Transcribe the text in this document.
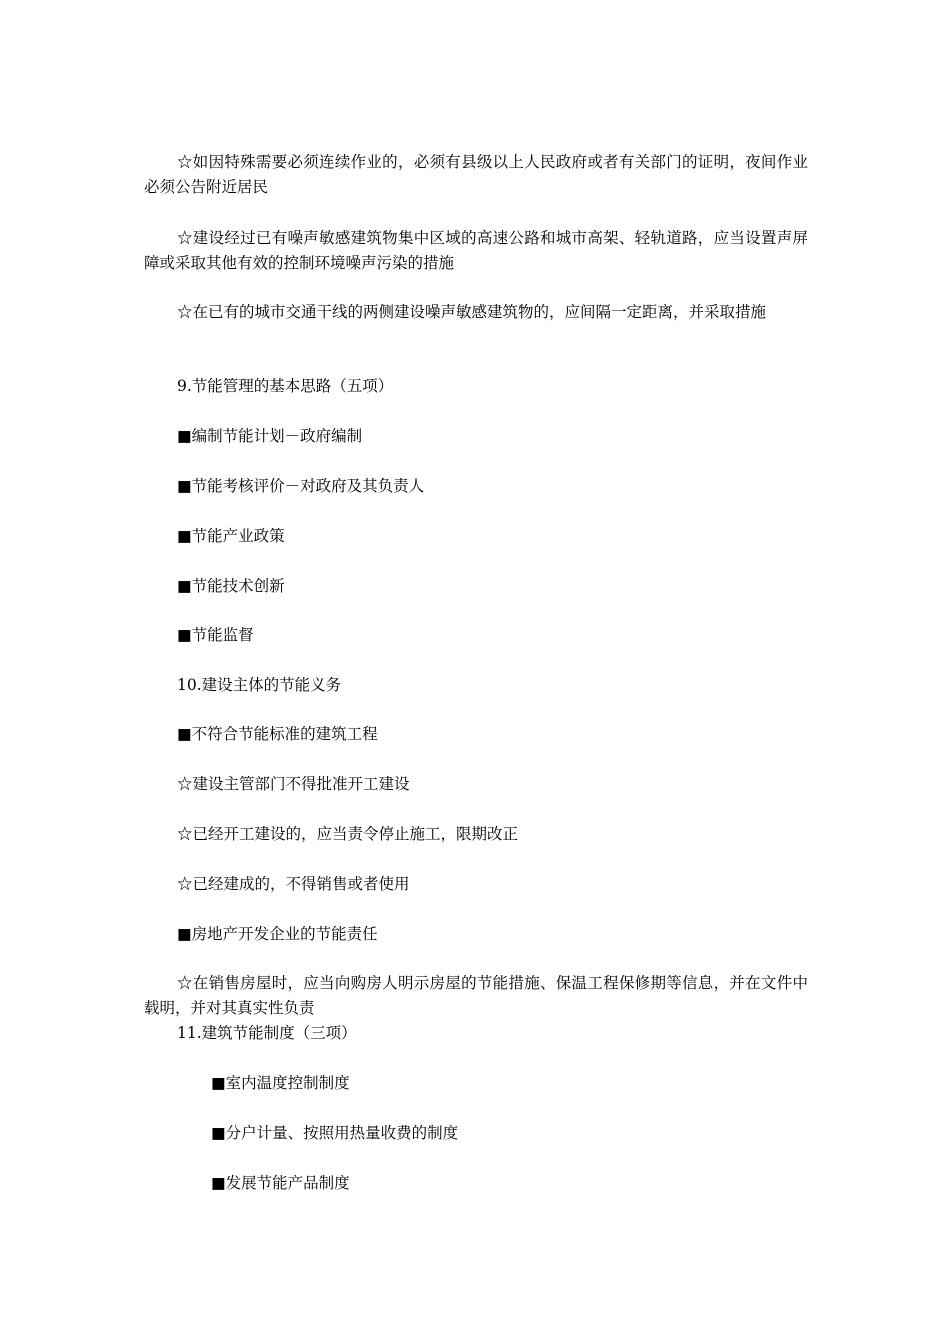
☆如因特殊需要必须连续作业的，必须有县级以上人民政府或者有关部门的证明，夜间作业必须公告附近居民

☆建设经过已有噪声敏感建筑物集中区域的高速公路和城市高架、轻轨道路，应当设置声屏障或采取其他有效的控制环境噪声污染的措施

☆在已有的城市交通干线的两侧建设噪声敏感建筑物的，应间隔一定距离，并采取措施

9.节能管理的基本思路（五项）

■编制节能计划－政府编制

■节能考核评价－对政府及其负责人

■节能产业政策

■节能技术创新

■节能监督

10.建设主体的节能义务

■不符合节能标准的建筑工程

☆建设主管部门不得批准开工建设

☆已经开工建设的，应当责令停止施工，限期改正

☆已经建成的，不得销售或者使用

■房地产开发企业的节能责任

☆在销售房屋时，应当向购房人明示房屋的节能措施、保温工程保修期等信息，并在文件中载明，并对其真实性负责

11.建筑节能制度（三项）

■室内温度控制制度

■分户计量、按照用热量收费的制度

■发展节能产品制度
